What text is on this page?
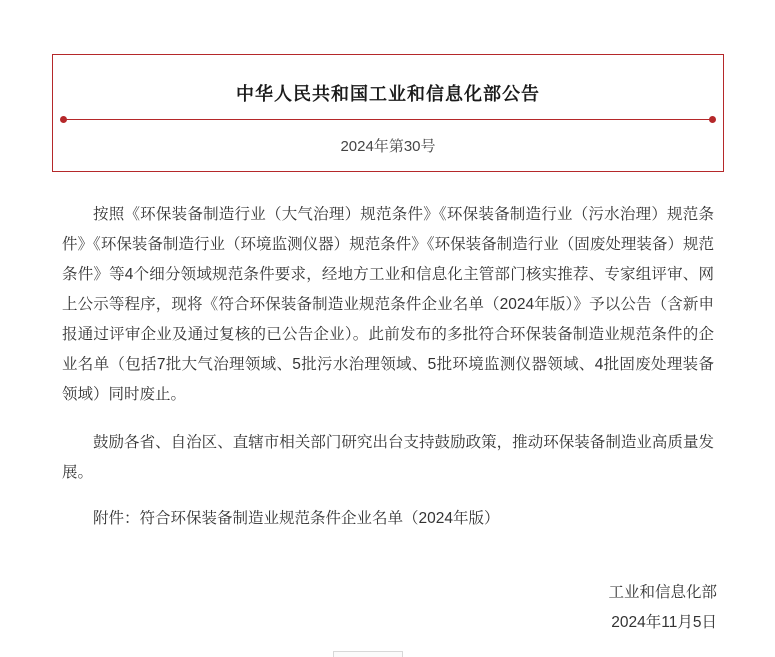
中华人民共和国工业和信息化部公告
2024年第30号

按照《环保装备制造行业（大气治理）规范条件》《环保装备制造行业（污水治理）规范条件》《环保装备制造行业（环境监测仪器）规范条件》《环保装备制造行业（固废处理装备）规范条件》等4个细分领域规范条件要求，经地方工业和信息化主管部门核实推荐、专家组评审、网上公示等程序，现将《符合环保装备制造业规范条件企业名单（2024年版）》予以公告（含新申报通过评审企业及通过复核的已公告企业）。此前发布的多批符合环保装备制造业规范条件的企业名单（包括7批大气治理领域、5批污水治理领域、5批环境监测仪器领域、4批固废处理装备领域）同时废止。

鼓励各省、自治区、直辖市相关部门研究出台支持鼓励政策，推动环保装备制造业高质量发展。

附件：符合环保装备制造业规范条件企业名单（2024年版）

工业和信息化部
2024年11月5日
